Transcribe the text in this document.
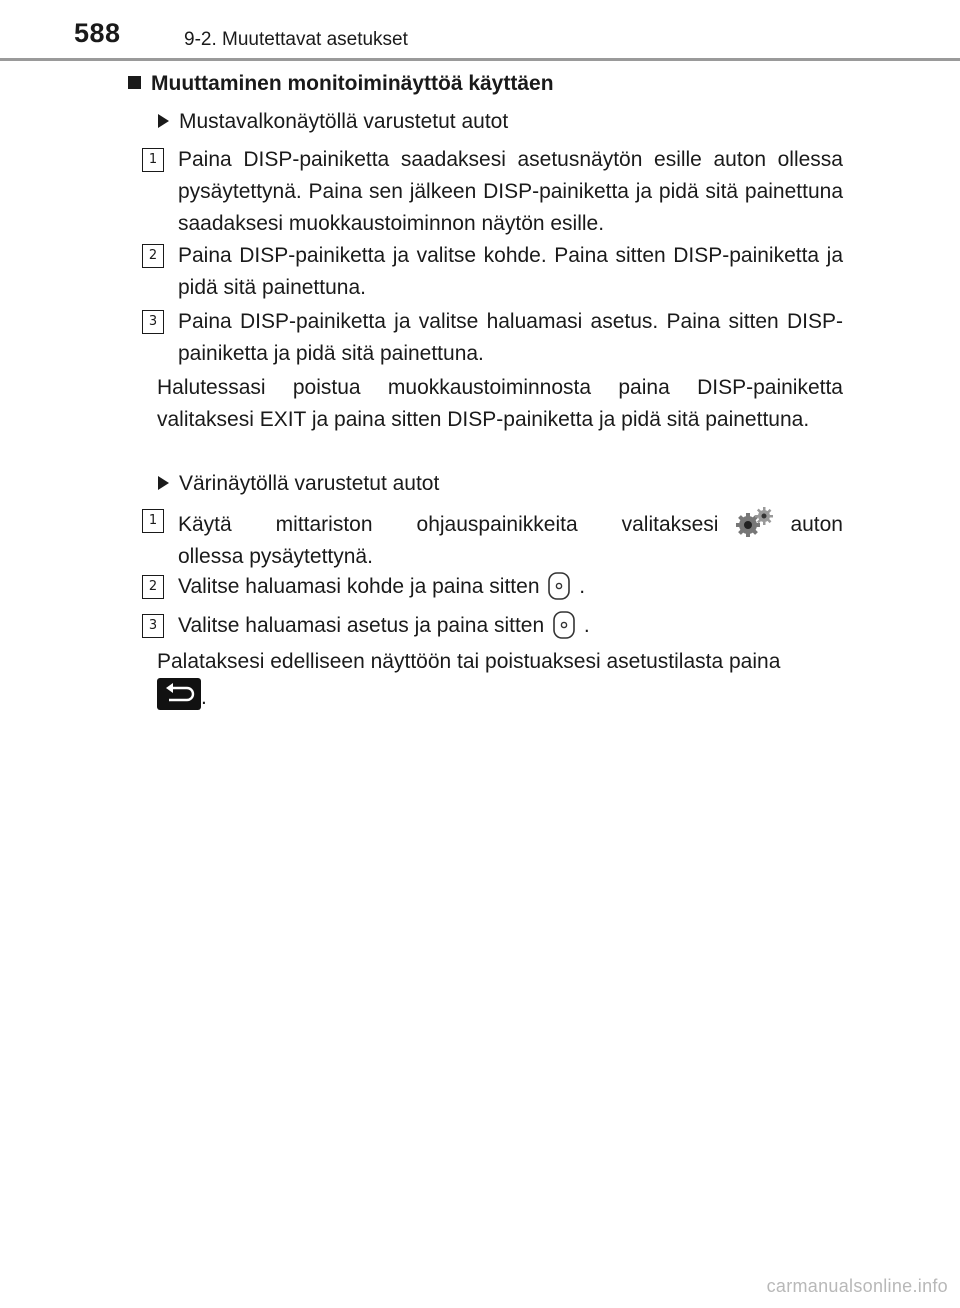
588	9-2. Muutettavat asetukset
Muuttaminen monitoiminäyttöä käyttäen
Mustavalkonäytöllä varustetut autot
1 Paina DISP-painiketta saadaksesi asetusnäytön esille auton ollessa pysäytettynä. Paina sen jälkeen DISP-painiketta ja pidä sitä painettuna saadaksesi muokkaustoiminnon näytön esille.
2 Paina DISP-painiketta ja valitse kohde. Paina sitten DISP-painiketta ja pidä sitä painettuna.
3 Paina DISP-painiketta ja valitse haluamasi asetus. Paina sitten DISP-painiketta ja pidä sitä painettuna.
Halutessasi poistua muokkaustoiminnosta paina DISP-painiketta valitaksesi EXIT ja paina sitten DISP-painiketta ja pidä sitä painettuna.
Värinäytöllä varustetut autot
1 Käytä mittariston ohjauspainikkeita valitaksesi	auton ollessa pysäytettynä.
2 Valitse haluamasi kohde ja paina sitten .
3 Valitse haluamasi asetus ja paina sitten .
Palataksesi edelliseen näyttöön tai poistuaksesi asetustilasta paina
.
carmanualsonline.info
